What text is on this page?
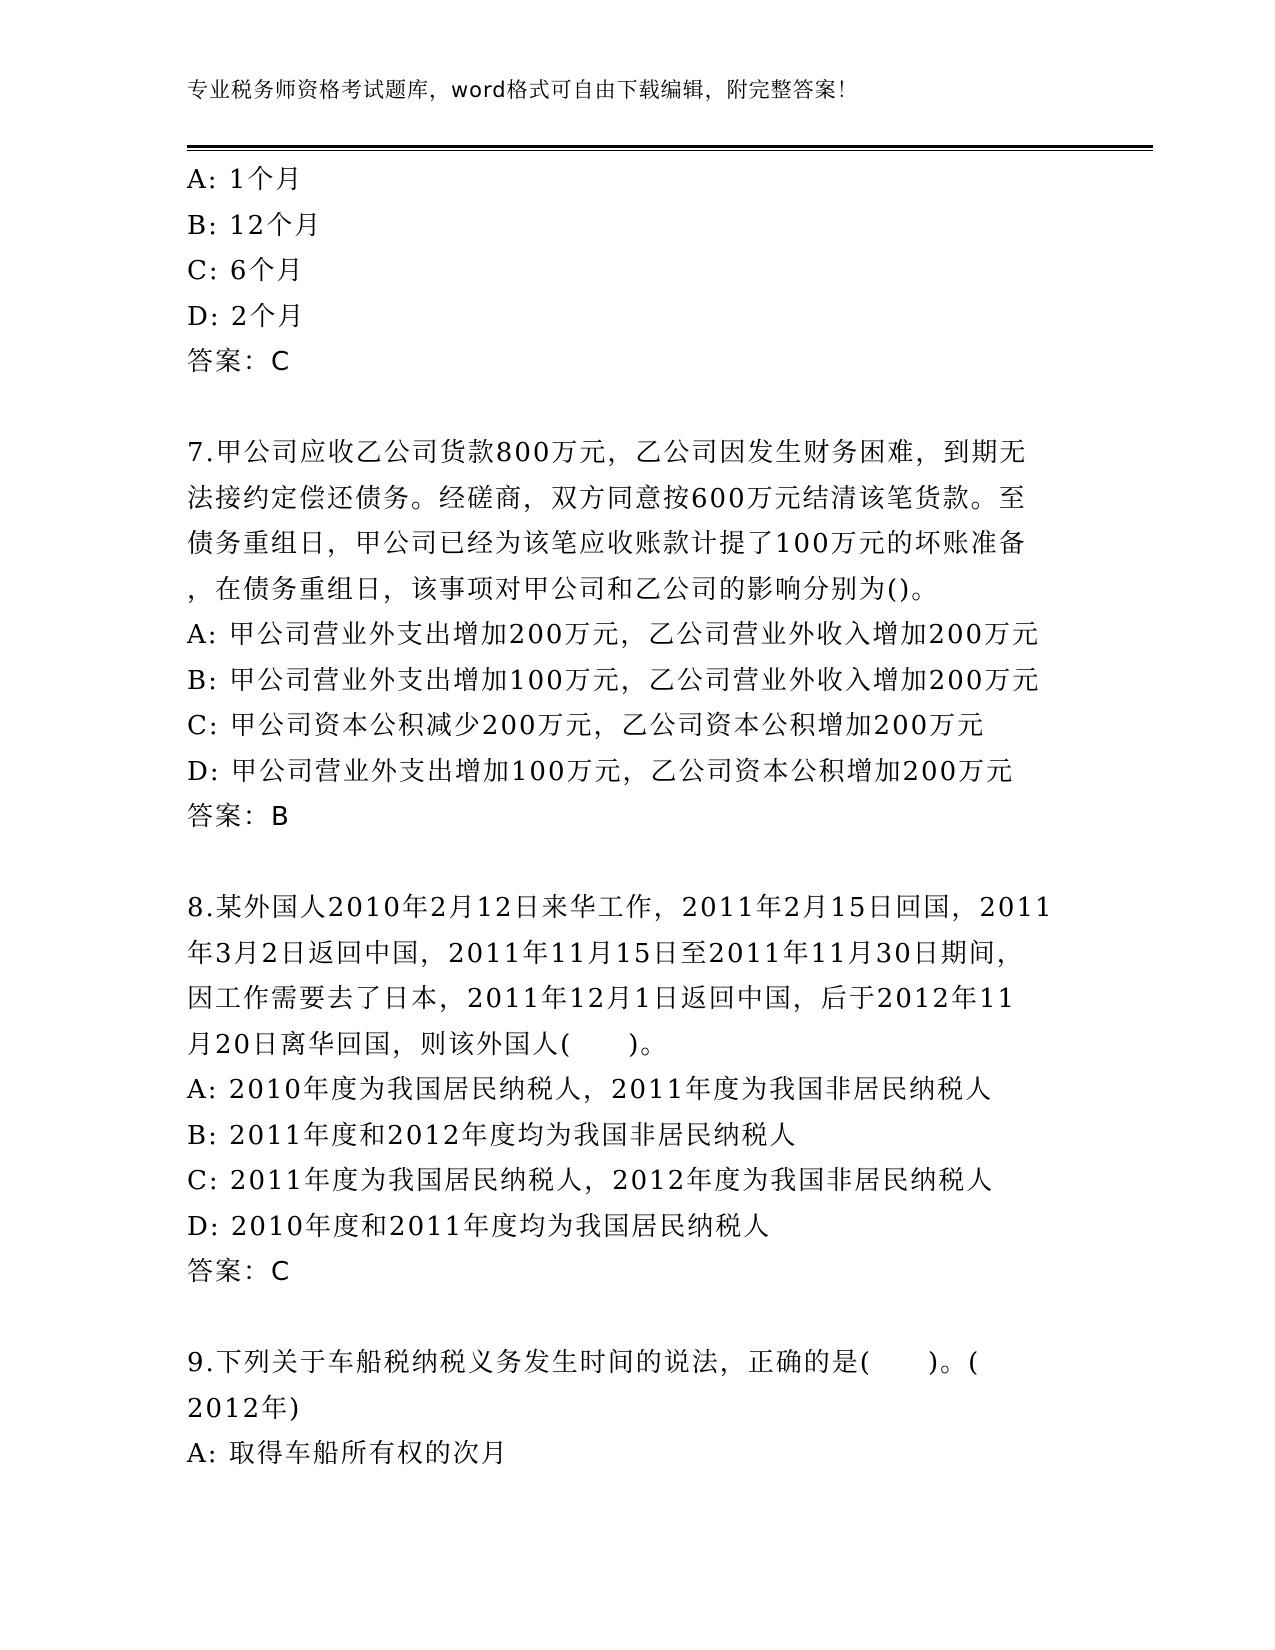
专业税务师资格考试题库，word格式可自由下载编辑，附完整答案！
A: 1个月
B: 12个月
C: 6个月
D: 2个月
答案：C
7.甲公司应收乙公司货款800万元，乙公司因发生财务困难，到期无
法接约定偿还债务。经磋商，双方同意按600万元结清该笔货款。至
债务重组日，甲公司已经为该笔应收账款计提了100万元的坏账准备
，在债务重组日，该事项对甲公司和乙公司的影响分别为()。
A: 甲公司营业外支出增加200万元，乙公司营业外收入增加200万元
B: 甲公司营业外支出增加100万元，乙公司营业外收入增加200万元
C: 甲公司资本公积减少200万元，乙公司资本公积增加200万元
D: 甲公司营业外支出增加100万元，乙公司资本公积增加200万元
答案：B
8.某外国人2010年2月12日来华工作，2011年2月15日回国，2011
年3月2日返回中国，2011年11月15日至2011年11月30日期间，
因工作需要去了日本，2011年12月1日返回中国，后于2012年11
月20日离华回国，则该外国人(　　)。
A: 2010年度为我国居民纳税人，2011年度为我国非居民纳税人
B: 2011年度和2012年度均为我国非居民纳税人
C: 2011年度为我国居民纳税人，2012年度为我国非居民纳税人
D: 2010年度和2011年度均为我国居民纳税人
答案：C
9.下列关于车船税纳税义务发生时间的说法，正确的是(　　)。(
2012年)
A: 取得车船所有权的次月
